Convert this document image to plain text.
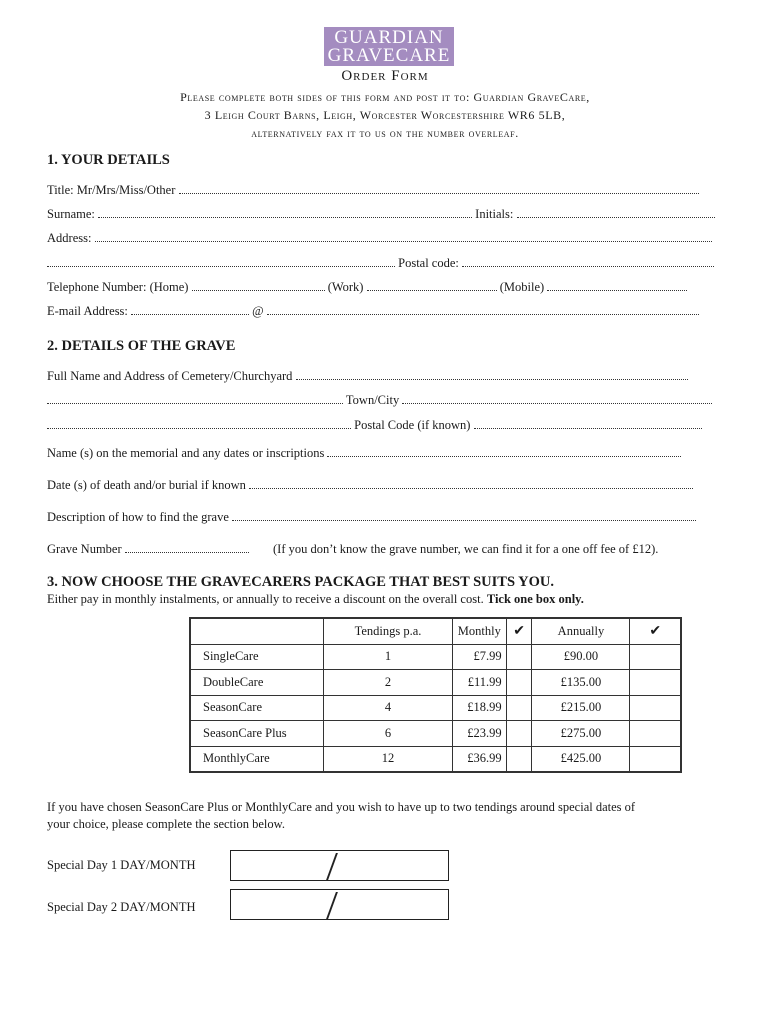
GUARDIAN
GRAVECARE
Order Form
Please complete both sides of this form and post it to: Guardian GraveCare,
3 Leigh Court Barns, Leigh, Worcester Worcestershire WR6 5LB,
alternatively fax it to us on the number overleaf.
1. YOUR DETAILS
Title: Mr/Mrs/Miss/Other
Surname:	Initials:
Address:
Postal code:
Telephone Number: (Home)	(Work)	(Mobile)
E-mail Address:	@
2. DETAILS OF THE GRAVE
Full Name and Address of Cemetery/Churchyard
Town/City
Postal Code (if known)
Name (s) on the memorial and any dates or inscriptions
Date (s) of death and/or burial if known
Description of how to find the grave
Grave Number	(If you don’t know the grave number, we can find it for a one off fee of £12).
3. NOW CHOOSE THE GRAVECARERS PACKAGE THAT BEST SUITS YOU.
Either pay in monthly instalments, or annually to receive a discount on the overall cost. Tick one box only.
	Tendings p.a.	Monthly	✔	Annually	✔
SingleCare	1	£7.99		£90.00	
DoubleCare	2	£11.99		£135.00	
SeasonCare	4	£18.99		£215.00	
SeasonCare Plus	6	£23.99		£275.00	
MonthlyCare	12	£36.99		£425.00	
If you have chosen SeasonCare Plus or MonthlyCare and you wish to have up to two tendings around special dates of
your choice, please complete the section below.
Special Day 1 DAY/MONTH
Special Day 2 DAY/MONTH
